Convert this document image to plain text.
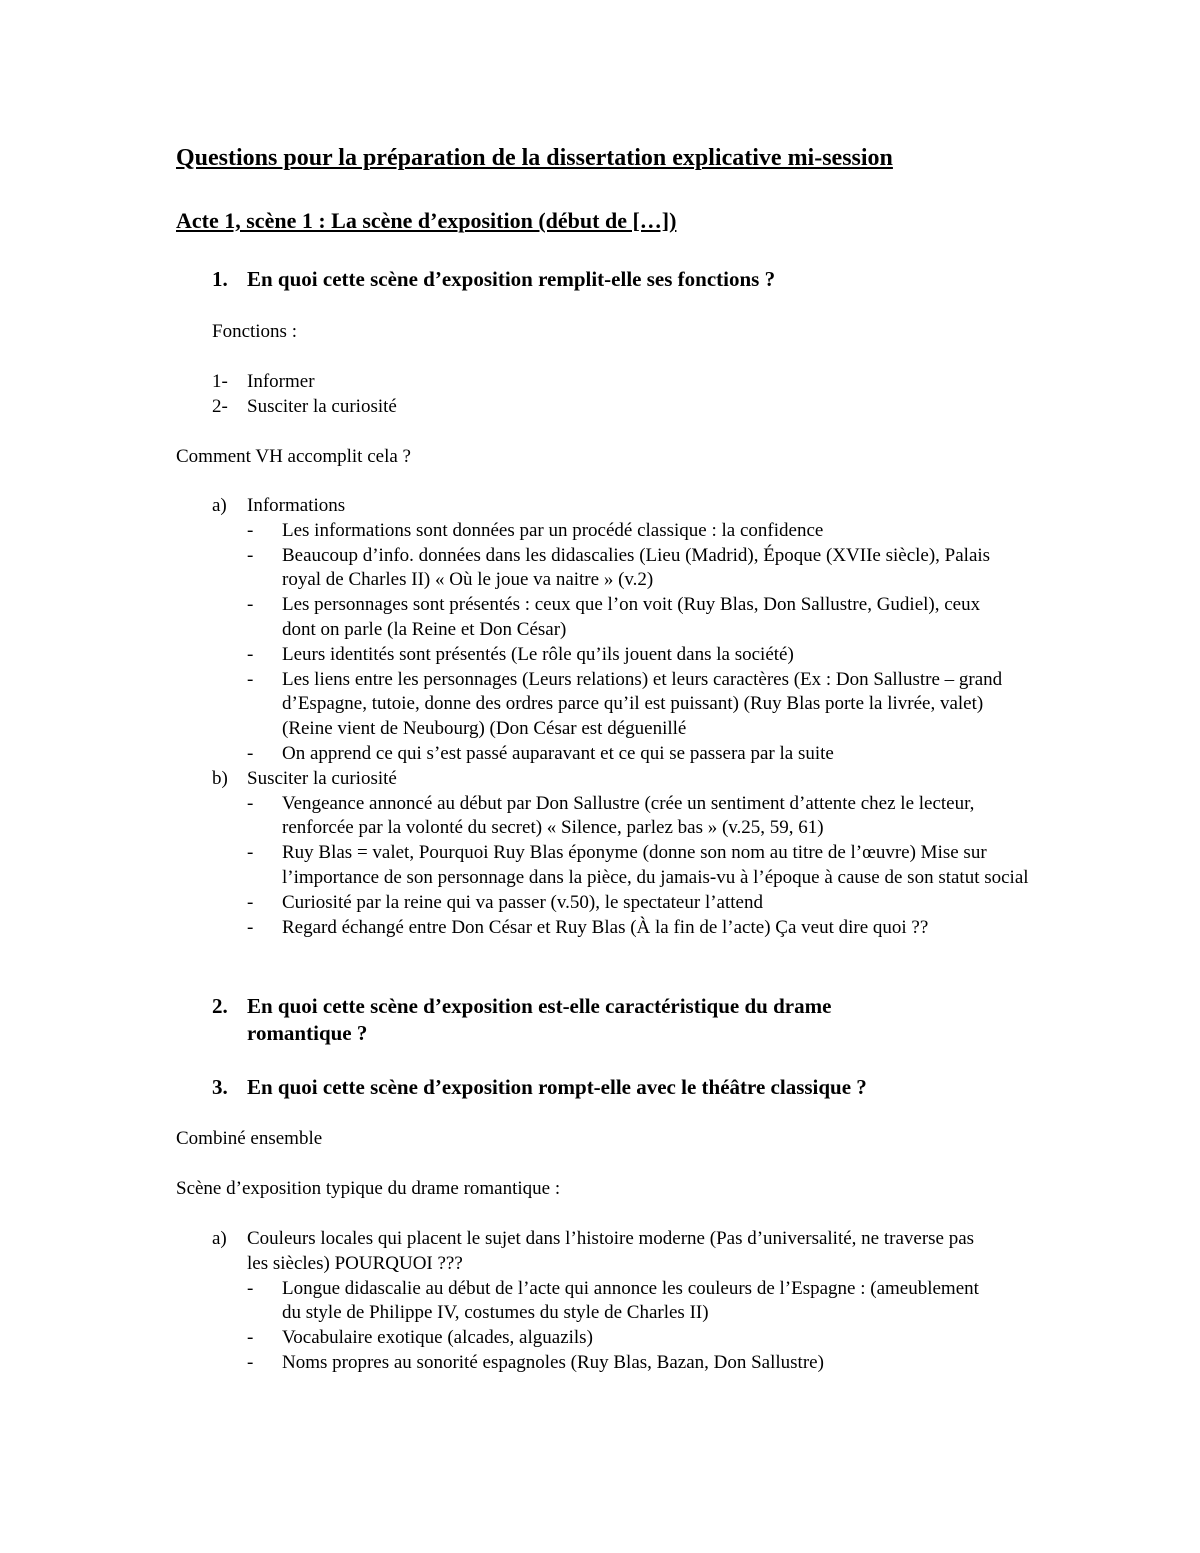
Questions pour la préparation de la dissertation explicative mi-session
Acte 1, scène 1 : La scène d’exposition (début de […])
1. En quoi cette scène d’exposition remplit-elle ses fonctions ?
Fonctions :
1- Informer
2- Susciter la curiosité
Comment VH accomplit cela ?
a) Informations
- Les informations sont données par un procédé classique : la confidence
- Beaucoup d’info. données dans les didascalies (Lieu (Madrid), Époque (XVIIe siècle), Palais royal de Charles II) « Où le joue va naitre » (v.2)
- Les personnages sont présentés : ceux que l’on voit (Ruy Blas, Don Sallustre, Gudiel), ceux dont on parle (la Reine et Don César)
- Leurs identités sont présentés (Le rôle qu’ils jouent dans la société)
- Les liens entre les personnages (Leurs relations) et leurs caractères (Ex : Don Sallustre – grand d’Espagne, tutoie, donne des ordres parce qu’il est puissant) (Ruy Blas porte la livrée, valet) (Reine vient de Neubourg) (Don César est déguenillé
- On apprend ce qui s’est passé auparavant et ce qui se passera par la suite
b) Susciter la curiosité
- Vengeance annoncé au début par Don Sallustre (crée un sentiment d’attente chez le lecteur, renforcée par la volonté du secret) « Silence, parlez bas » (v.25, 59, 61)
- Ruy Blas = valet, Pourquoi Ruy Blas éponyme (donne son nom au titre de l’œuvre) Mise sur l’importance de son personnage dans la pièce, du jamais-vu à l’époque à cause de son statut social
- Curiosité par la reine qui va passer (v.50), le spectateur l’attend
- Regard échangé entre Don César et Ruy Blas (À la fin de l’acte) Ça veut dire quoi ??
2. En quoi cette scène d’exposition est-elle caractéristique du drame romantique ?
3. En quoi cette scène d’exposition rompt-elle avec le théâtre classique ?
Combiné ensemble
Scène d’exposition typique du drame romantique :
a) Couleurs locales qui placent le sujet dans l’histoire moderne (Pas d’universalité, ne traverse pas les siècles) POURQUOI ???
- Longue didascalie au début de l’acte qui annonce les couleurs de l’Espagne : (ameublement du style de Philippe IV, costumes du style de Charles II)
- Vocabulaire exotique (alcades, alguazils)
- Noms propres au sonorité espagnoles (Ruy Blas, Bazan, Don Sallustre)
